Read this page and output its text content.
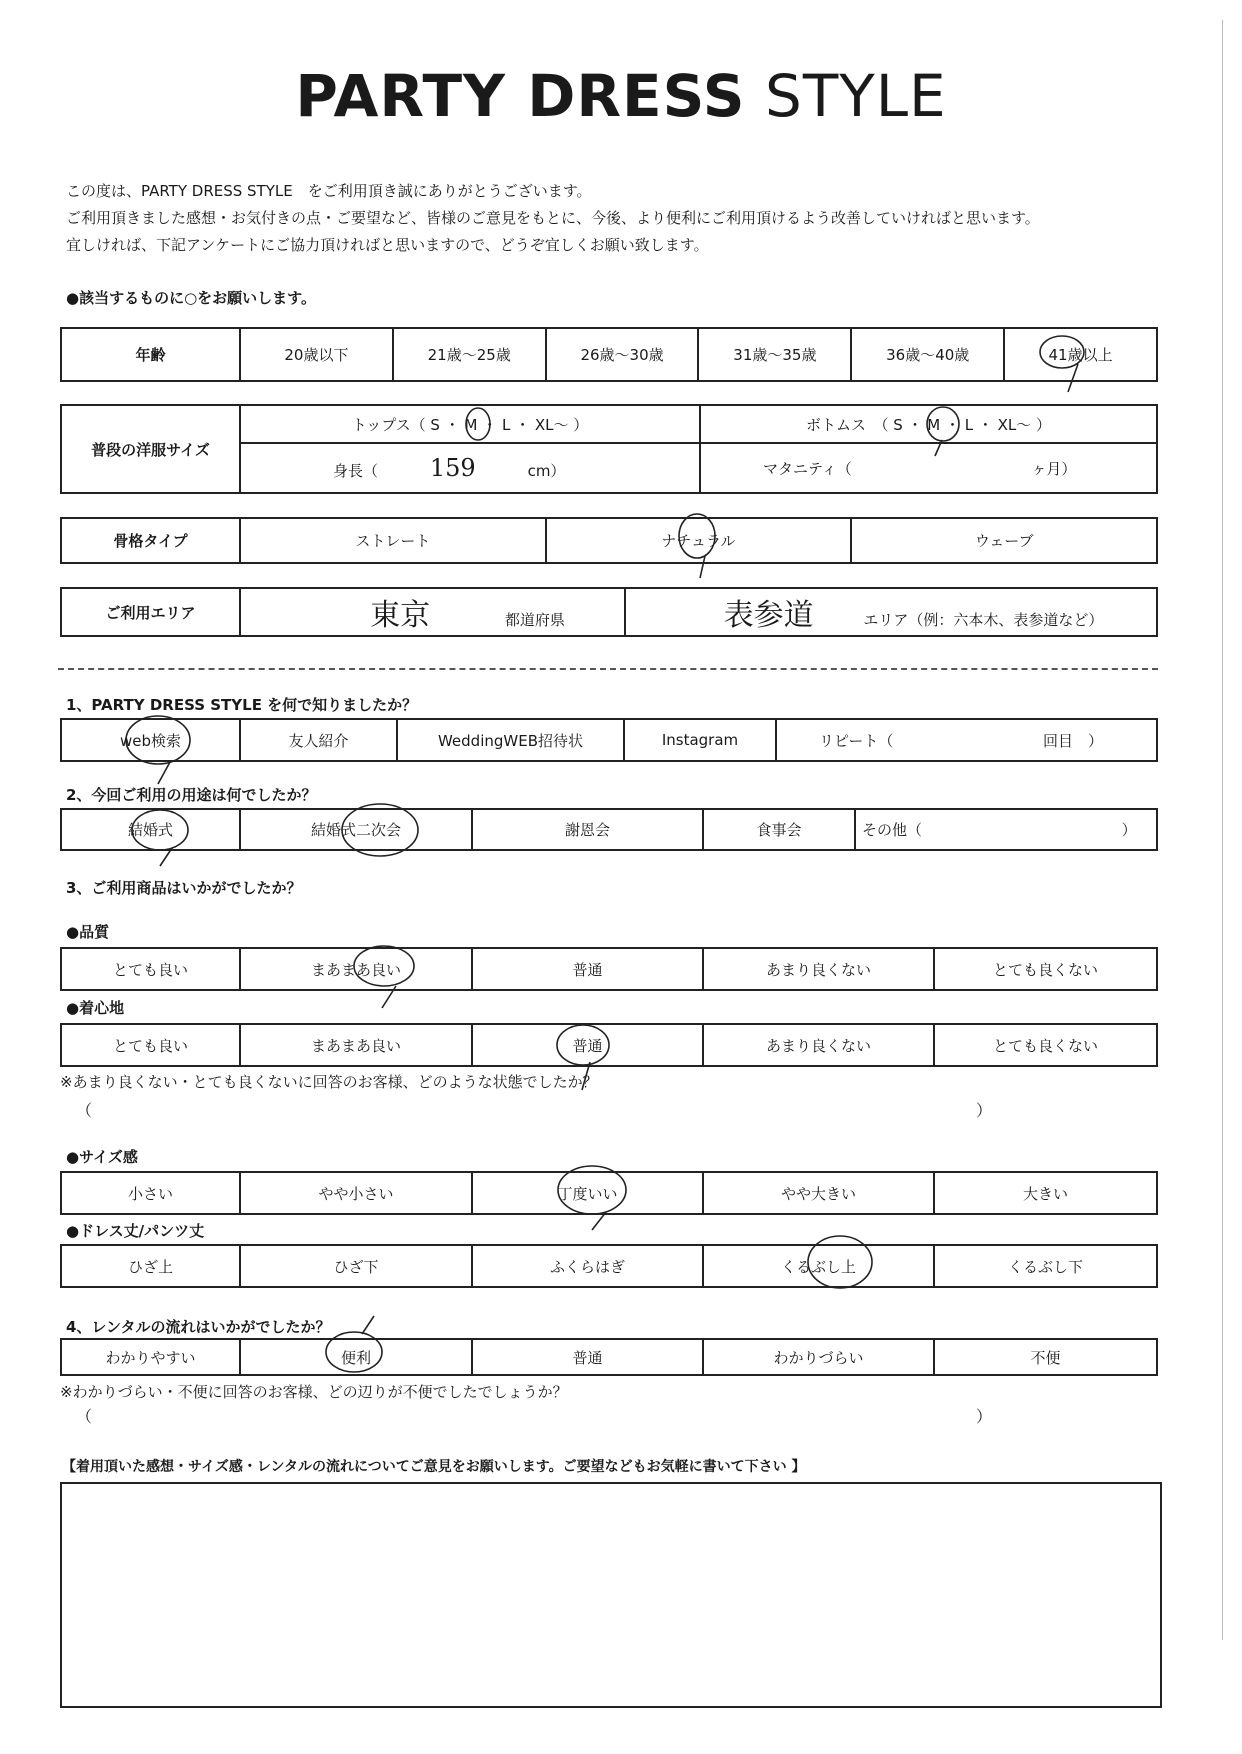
PARTY DRESS STYLE
この度は、PARTY DRESS STYLE　をご利用頂き誠にありがとうございます。
ご利用頂きました感想・お気付きの点・ご要望など、皆様のご意見をもとに、今後、より便利にご利用頂けるよう改善していければと思います。
宜しければ、下記アンケートにご協力頂ければと思いますので、どうぞ宜しくお願い致します。
●該当するものに○をお願いします。
年齢	20歳以下	21歳～25歳	26歳～30歳	31歳～35歳	36歳～40歳	41歳以上
普段の洋服サイズ	トップス（ S ・ M ・ L ・ XL～ ）	ボトムス　（ S ・ M ・ L ・ XL～ ）
	身長（ 159 cm）	マタニティ（ ヶ月）
骨格タイプ	ストレート	ナチュラル	ウェーブ
ご利用エリア	東京	都道府県	表参道	エリア（例：六本木、表参道など）
1、PARTY DRESS STYLE を何で知りましたか？
web検索	友人紹介	WeddingWEB招待状	Instagram	リピート（	回目　）
2、今回ご利用の用途は何でしたか？
結婚式	結婚式二次会	謝恩会	食事会	その他（	）
3、ご利用商品はいかがでしたか？
●品質
とても良い	まあまあ良い	普通	あまり良くない	とても良くない
●着心地
とても良い	まあまあ良い	普通	あまり良くない	とても良くない
※あまり良くない・とても良くないに回答のお客様、どのような状態でしたか？
（	）
●サイズ感
小さい	やや小さい	丁度いい	やや大きい	大きい
●ドレス丈/パンツ丈
ひざ上	ひざ下	ふくらはぎ	くるぶし上	くるぶし下
4、レンタルの流れはいかがでしたか？
わかりやすい	便利	普通	わかりづらい	不便
※わかりづらい・不便に回答のお客様、どの辺りが不便でしたでしょうか？
（	）
【着用頂いた感想・サイズ感・レンタルの流れについてご意見をお願いします。ご要望などもお気軽に書いて下さい 】
